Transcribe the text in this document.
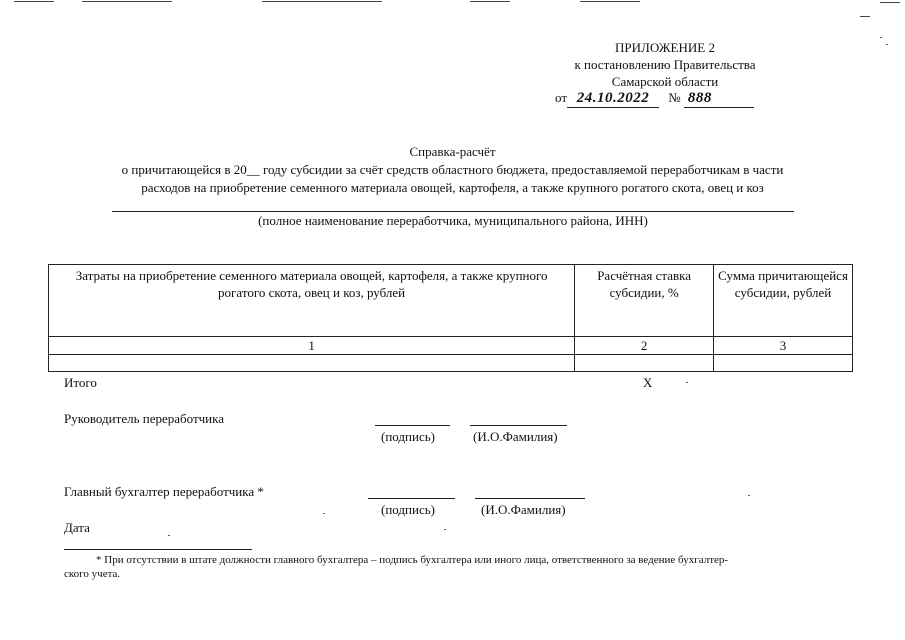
ПРИЛОЖЕНИЕ 2
к постановлению Правительства
Самарской области
от 24.10.2022 № 888
Справка-расчёт
о причитающейся в 20__ году субсидии за счёт средств областного бюджета, предоставляемой переработчикам в части
расходов на приобретение семенного материала овощей, картофеля, а также крупного рогатого скота, овец и коз
(полное наименование переработчика, муниципального района, ИНН)
Затраты на приобретение семенного материала овощей, картофеля, а также крупного рогатого скота, овец и коз, рублей	Расчётная ставка субсидии, %	Сумма причитающейся субсидии, рублей
1	2	3

Итого	X
Руководитель переработчика
(подпись)	(И.О.Фамилия)
Главный бухгалтер переработчика *
(подпись)	(И.О.Фамилия)
Дата
* При отсутствии в штате должности главного бухгалтера – подпись бухгалтера или иного лица, ответственного за ведение бухгалтер-
ского учета.
